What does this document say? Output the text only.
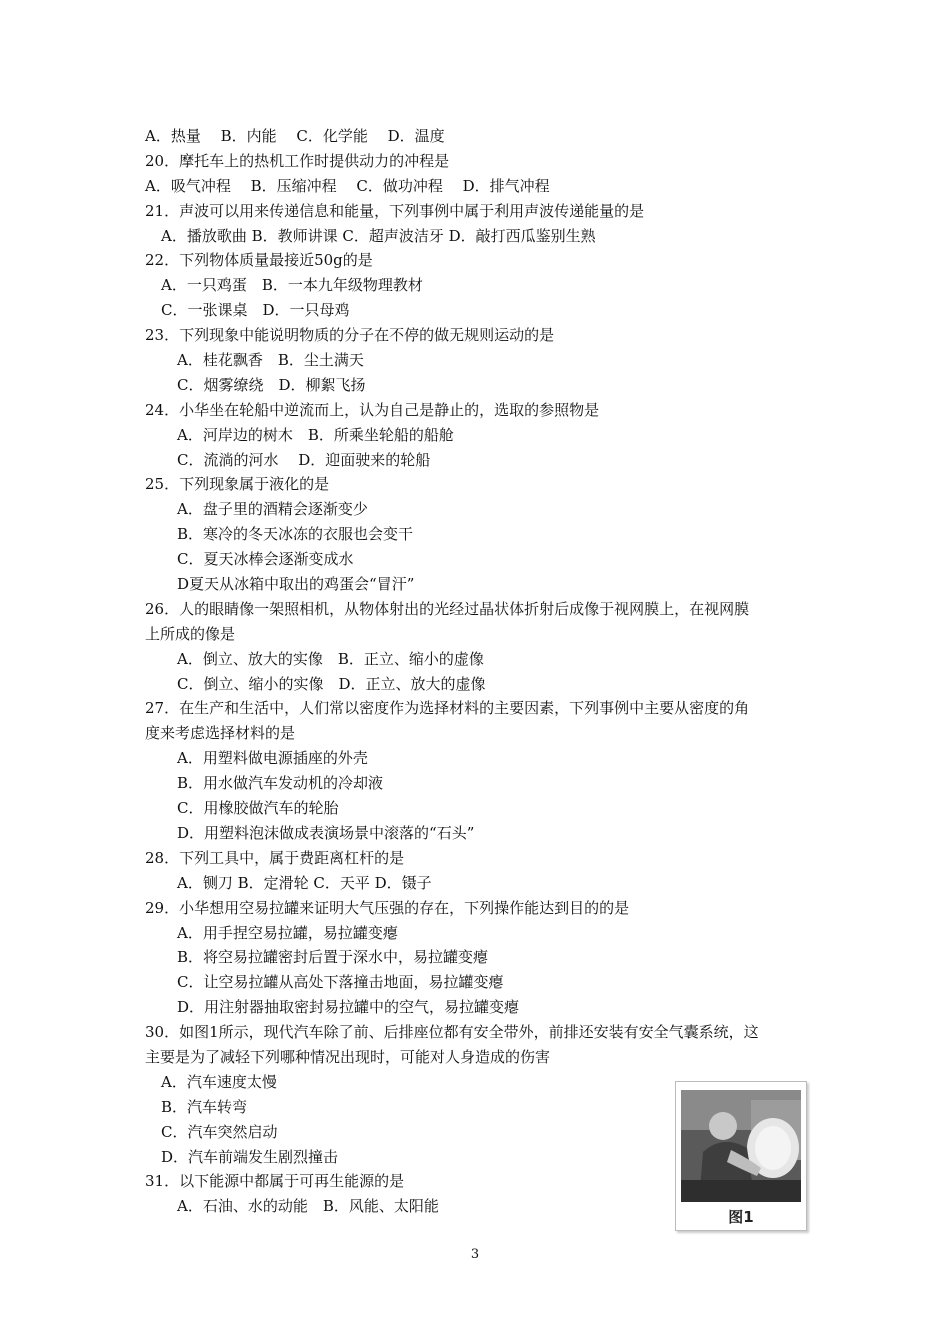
A．热量　 B．内能　 C．化学能　 D．温度
20．摩托车上的热机工作时提供动力的冲程是
A．吸气冲程　 B．压缩冲程　 C．做功冲程　 D．排气冲程
21．声波可以用来传递信息和能量，下列事例中属于利用声波传递能量的是
A．播放歌曲 B．教师讲课 C．超声波洁牙 D．敲打西瓜鉴别生熟
22．下列物体质量最接近50g的是
A．一只鸡蛋　B．一本九年级物理教材
C．一张课桌　D．一只母鸡
23．下列现象中能说明物质的分子在不停的做无规则运动的是
A．桂花飘香　B．尘土满天
C．烟雾缭绕　D．柳絮飞扬
24．小华坐在轮船中逆流而上，认为自己是静止的，选取的参照物是
A．河岸边的树木　B．所乘坐轮船的船舱
C．流淌的河水　 D．迎面驶来的轮船
25．下列现象属于液化的是
A．盘子里的酒精会逐渐变少
B．寒冷的冬天冰冻的衣服也会变干
C．夏天冰棒会逐渐变成水
D夏天从冰箱中取出的鸡蛋会“冒汗”
26．人的眼睛像一架照相机，从物体射出的光经过晶状体折射后成像于视网膜上，在视网膜
上所成的像是
A．倒立、放大的实像　B．正立、缩小的虚像
C．倒立、缩小的实像　D．正立、放大的虚像
27．在生产和生活中，人们常以密度作为选择材料的主要因素，下列事例中主要从密度的角
度来考虑选择材料的是
A．用塑料做电源插座的外壳
B．用水做汽车发动机的冷却液
C．用橡胶做汽车的轮胎
D．用塑料泡沫做成表演场景中滚落的“石头”
28．下列工具中，属于费距离杠杆的是
A．铡刀 B．定滑轮 C．天平 D．镊子
29．小华想用空易拉罐来证明大气压强的存在，下列操作能达到目的的是
A．用手捏空易拉罐，易拉罐变瘪
B．将空易拉罐密封后置于深水中，易拉罐变瘪
C．让空易拉罐从高处下落撞击地面，易拉罐变瘪
D．用注射器抽取密封易拉罐中的空气，易拉罐变瘪
30．如图1所示，现代汽车除了前、后排座位都有安全带外，前排还安装有安全气囊系统，这
主要是为了减轻下列哪种情况出现时，可能对人身造成的伤害
A．汽车速度太慢
B．汽车转弯
C．汽车突然启动
D．汽车前端发生剧烈撞击
31．以下能源中都属于可再生能源的是
A．石油、水的动能　B．风能、太阳能
图1
3
